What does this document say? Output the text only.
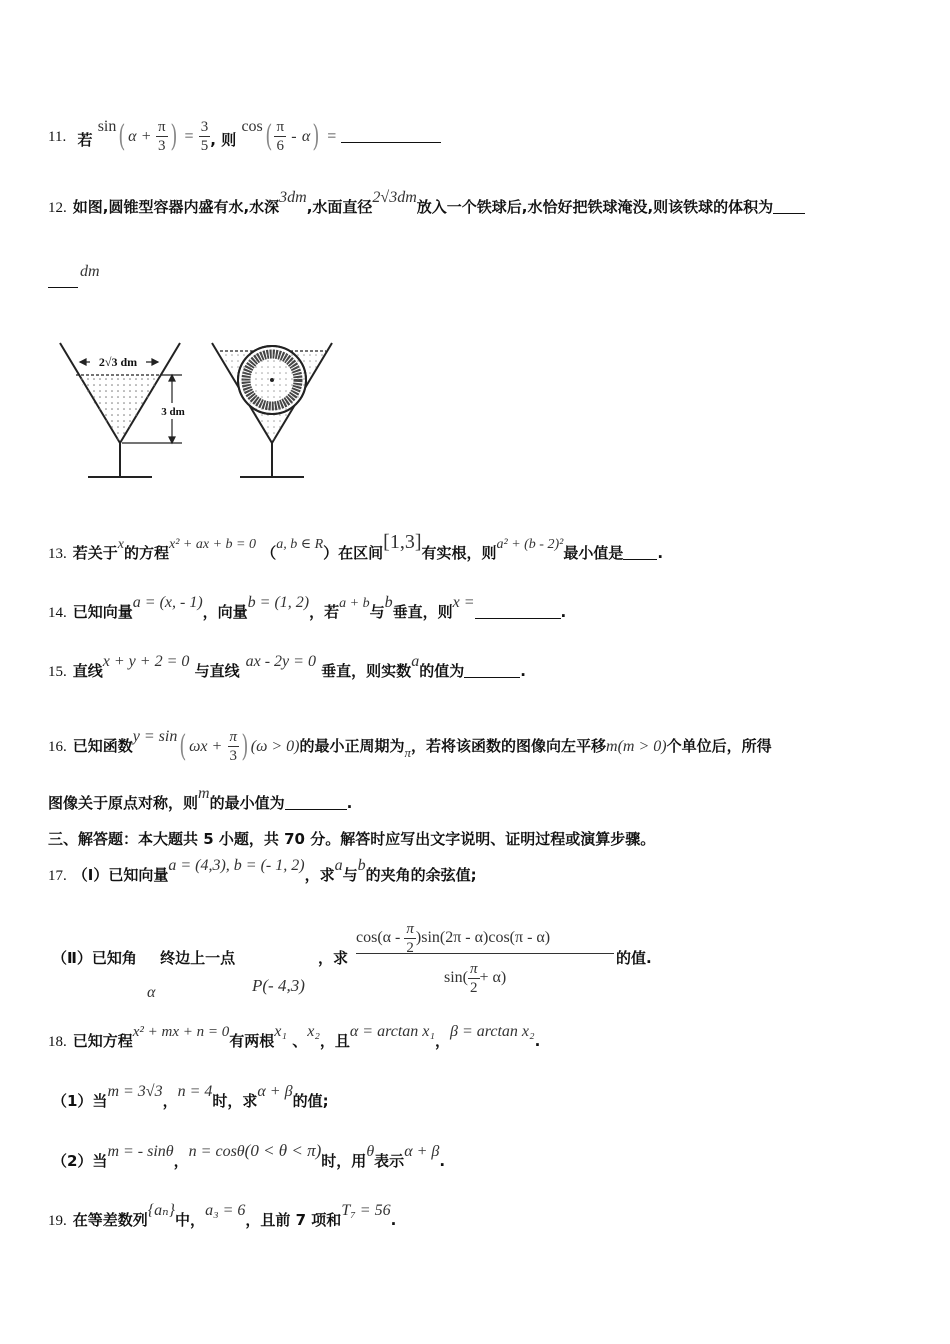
11. 若 sin( $\alpha + \frac{\pi}{3}$ ) = $\frac{3}{5}$ , 则 $\cos( \frac{\pi}{6} - \alpha)$ =
12. 如图,圆锥型容器内盛有水,水深3dm,水面直径2√3dm放入一个铁球后,水恰好把铁球淹没,则该铁球的体积为
dm
2√3 dm
3 dm
13. 若关于x的方程x² + ax + b = 0 （a, b ∈ R）在区间[1,3]有实根，则a² + (b - 2)²最小值是 .
14. 已知向量a = (x, - 1)，向量b = (1, 2)，若a + b与b垂直，则x =.
15. 直线x + y + 2 = 0 与直线ax - 2y = 0 垂直，则实数a的值为	.
16. 已知函数y = sin( $\omega x + \frac{\pi}{3}$ ) (ω > 0)的最小正周期为π，若将该函数的图像向左平移m(m > 0)个单位后，所得
图像关于原点对称，则m的最小值为	.
三、解答题：本大题共 5 小题，共 70 分。解答时应写出文字说明、证明过程或演算步骤。
17. （Ⅰ）已知向量a = (4,3), b = (- 1, 2)，求a与b的夹角的余弦值;
（Ⅱ）已知角 终边上一点
α	P(- 4,3)
，求
$\cos(\alpha - \frac{\pi}{2} )\sin(2\pi - \alpha)\cos(\pi - \alpha)$
$\sin( \frac{\pi}{2} + \alpha)$
的值.
18. 已知方程x² + mx + n = 0有两根x₁ 、x₂，且α = arctan x₁，β = arctan x₂.
（1）当m = 3√3，n = 4时，求α + β的值;
（2）当m = - sinθ，n = cosθ(0 < θ < π)时，用θ表示α + β.
19. 在等差数列{aₙ}中，a₃ = 6，且前 7 项和T₇ = 56.
